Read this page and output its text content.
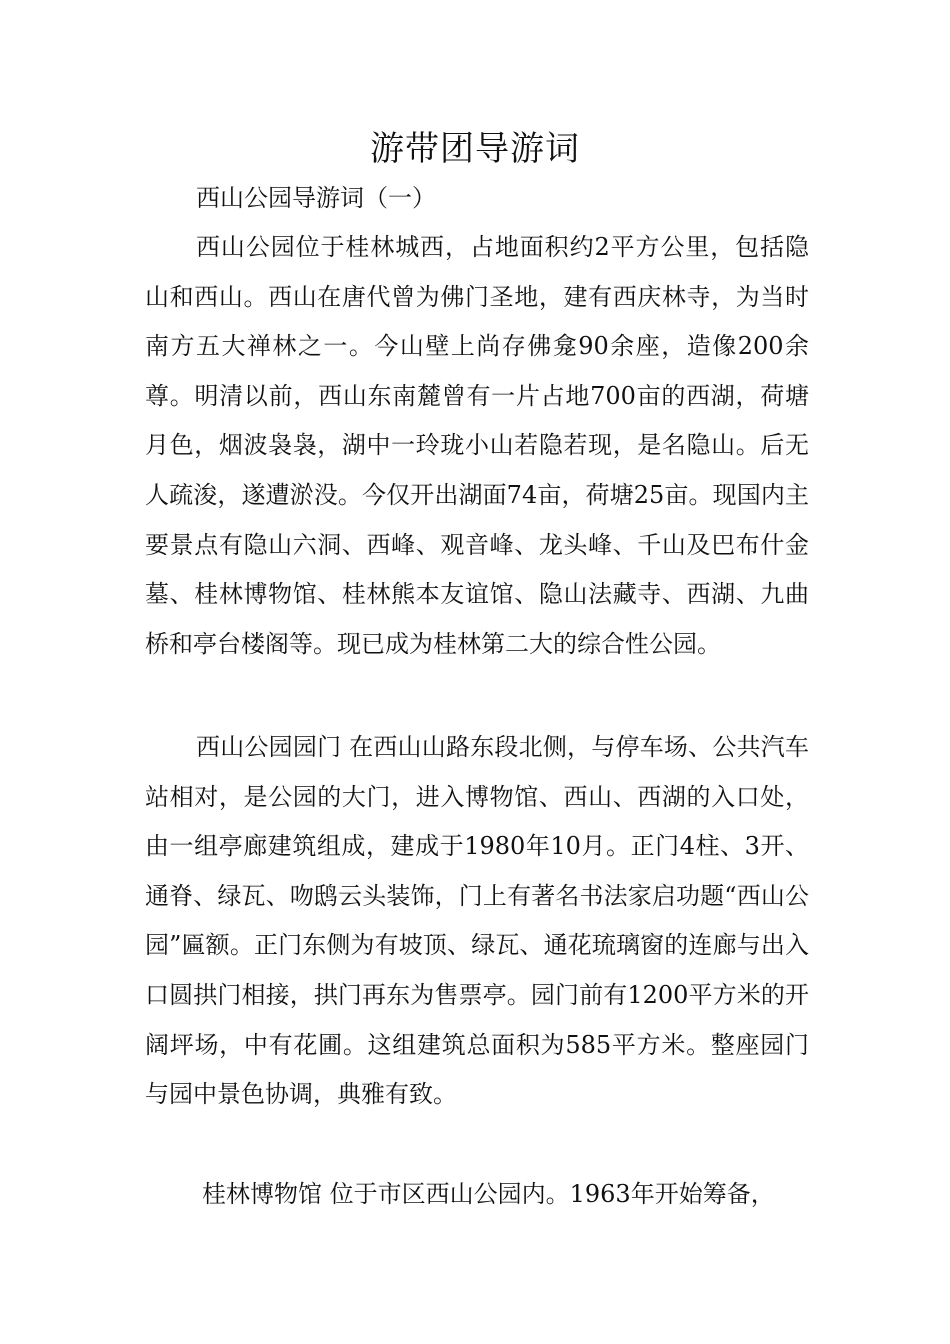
游带团导游词

西山公园导游词（一）

西山公园位于桂林城西，占地面积约2平方公里，包括隐山和西山。西山在唐代曾为佛门圣地，建有西庆林寺，为当时南方五大禅林之一。今山壁上尚存佛龛90余座，造像200余尊。明清以前，西山东南麓曾有一片占地700亩的西湖，荷塘月色，烟波袅袅，湖中一玲珑小山若隐若现，是名隐山。后无人疏浚，遂遭淤没。今仅开出湖面74亩，荷塘25亩。现国内主要景点有隐山六洞、西峰、观音峰、龙头峰、千山及巴布什金墓、桂林博物馆、桂林熊本友谊馆、隐山法藏寺、西湖、九曲桥和亭台楼阁等。现已成为桂林第二大的综合性公园。

西山公园园门 在西山山路东段北侧，与停车场、公共汽车站相对，是公园的大门，进入博物馆、西山、西湖的入口处，由一组亭廊建筑组成，建成于1980年10月。正门4柱、3开、通脊、绿瓦、吻鸱云头装饰，门上有著名书法家启功题“西山公园”匾额。正门东侧为有坡顶、绿瓦、通花琉璃窗的连廊与出入口圆拱门相接，拱门再东为售票亭。园门前有1200平方米的开阔坪场，中有花圃。这组建筑总面积为585平方米。整座园门与园中景色协调，典雅有致。

桂林博物馆 位于市区西山公园内。1963年开始筹备，
